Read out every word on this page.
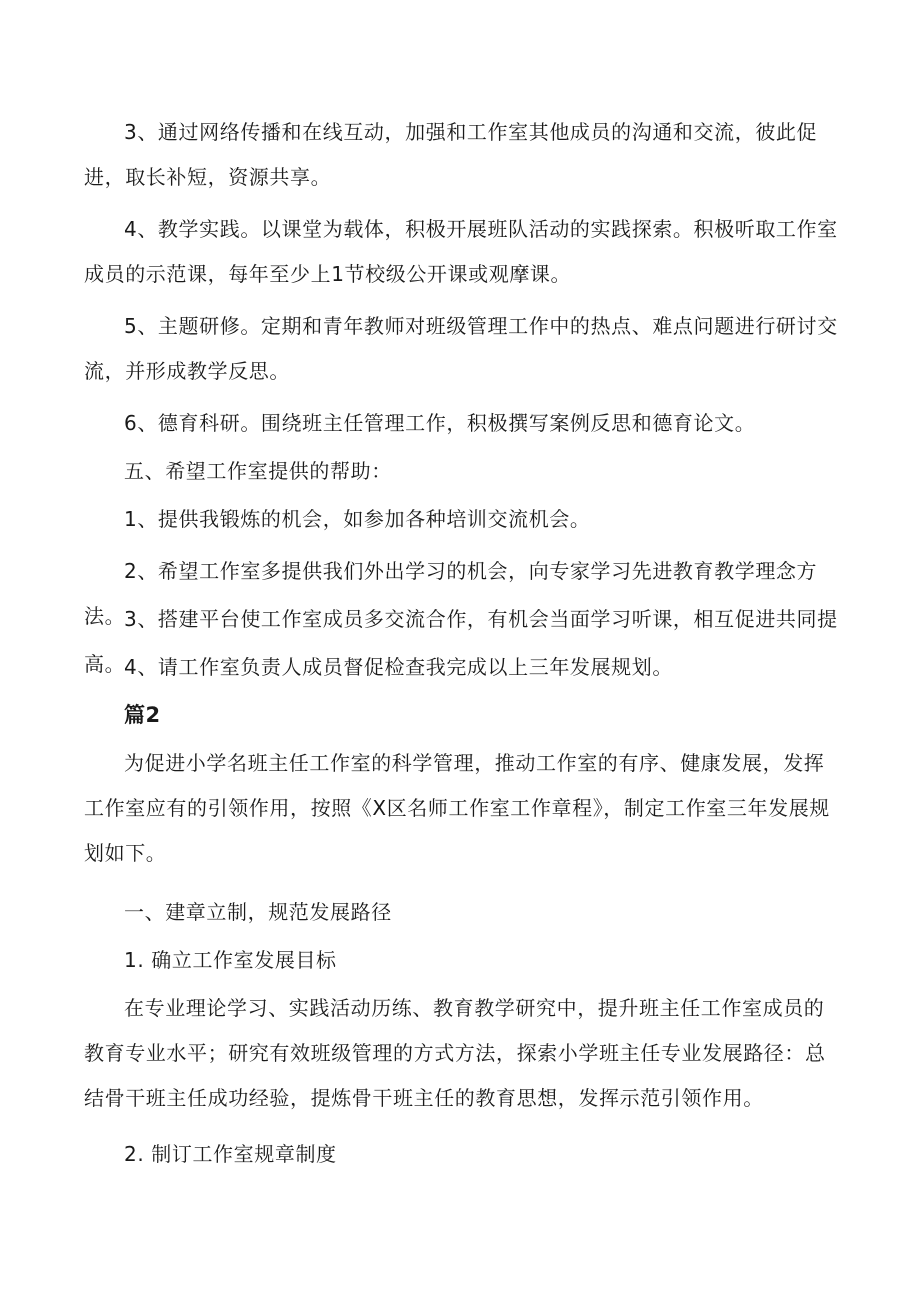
3、通过网络传播和在线互动，加强和工作室其他成员的沟通和交流，彼此促进，取长补短，资源共享。

4、教学实践。以课堂为载体，积极开展班队活动的实践探索。积极听取工作室成员的示范课，每年至少上1节校级公开课或观摩课。

5、主题研修。定期和青年教师对班级管理工作中的热点、难点问题进行研讨交流，并形成教学反思。

6、德育科研。围绕班主任管理工作，积极撰写案例反思和德育论文。

五、希望工作室提供的帮助：

1、提供我锻炼的机会，如参加各种培训交流机会。

2、希望工作室多提供我们外出学习的机会，向专家学习先进教育教学理念方法。

3、搭建平台使工作室成员多交流合作，有机会当面学习听课，相互促进共同提高。

4、请工作室负责人成员督促检查我完成以上三年发展规划。

篇2

为促进小学名班主任工作室的科学管理，推动工作室的有序、健康发展，发挥工作室应有的引领作用，按照《X区名师工作室工作章程》，制定工作室三年发展规划如下。

一、建章立制，规范发展路径

1. 确立工作室发展目标

在专业理论学习、实践活动历练、教育教学研究中，提升班主任工作室成员的教育专业水平；研究有效班级管理的方式方法，探索小学班主任专业发展路径：总结骨干班主任成功经验，提炼骨干班主任的教育思想，发挥示范引领作用。

2. 制订工作室规章制度
